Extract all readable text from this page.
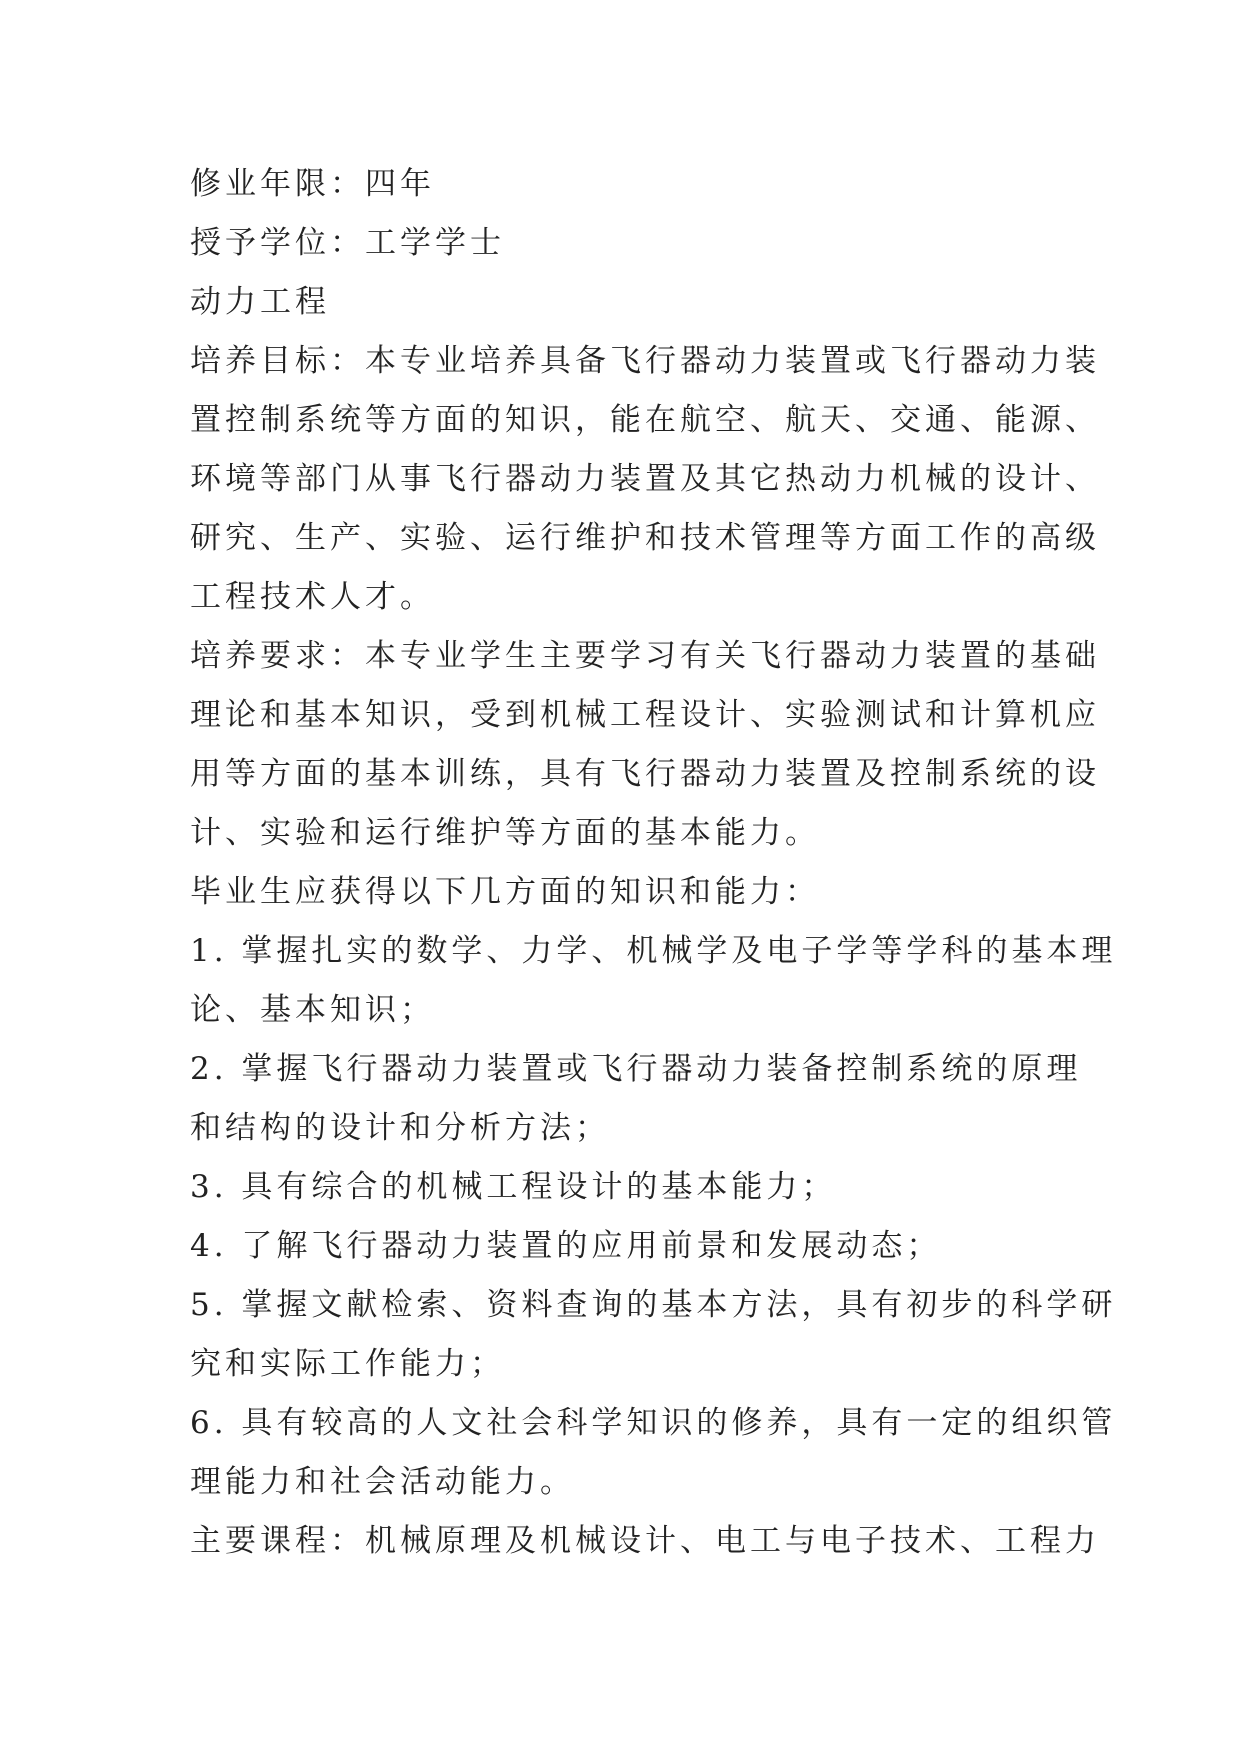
修业年限：四年
授予学位：工学学士
动力工程
培养目标：本专业培养具备飞行器动力装置或飞行器动力装
置控制系统等方面的知识，能在航空、航天、交通、能源、
环境等部门从事飞行器动力装置及其它热动力机械的设计、
研究、生产、实验、运行维护和技术管理等方面工作的高级
工程技术人才。
培养要求：本专业学生主要学习有关飞行器动力装置的基础
理论和基本知识，受到机械工程设计、实验测试和计算机应
用等方面的基本训练，具有飞行器动力装置及控制系统的设
计、实验和运行维护等方面的基本能力。
毕业生应获得以下几方面的知识和能力：
1. 掌握扎实的数学、力学、机械学及电子学等学科的基本理
论、基本知识；
2. 掌握飞行器动力装置或飞行器动力装备控制系统的原理
和结构的设计和分析方法；
3. 具有综合的机械工程设计的基本能力；
4. 了解飞行器动力装置的应用前景和发展动态；
5. 掌握文献检索、资料查询的基本方法，具有初步的科学研
究和实际工作能力；
6. 具有较高的人文社会科学知识的修养，具有一定的组织管
理能力和社会活动能力。
主要课程：机械原理及机械设计、电工与电子技术、工程力
